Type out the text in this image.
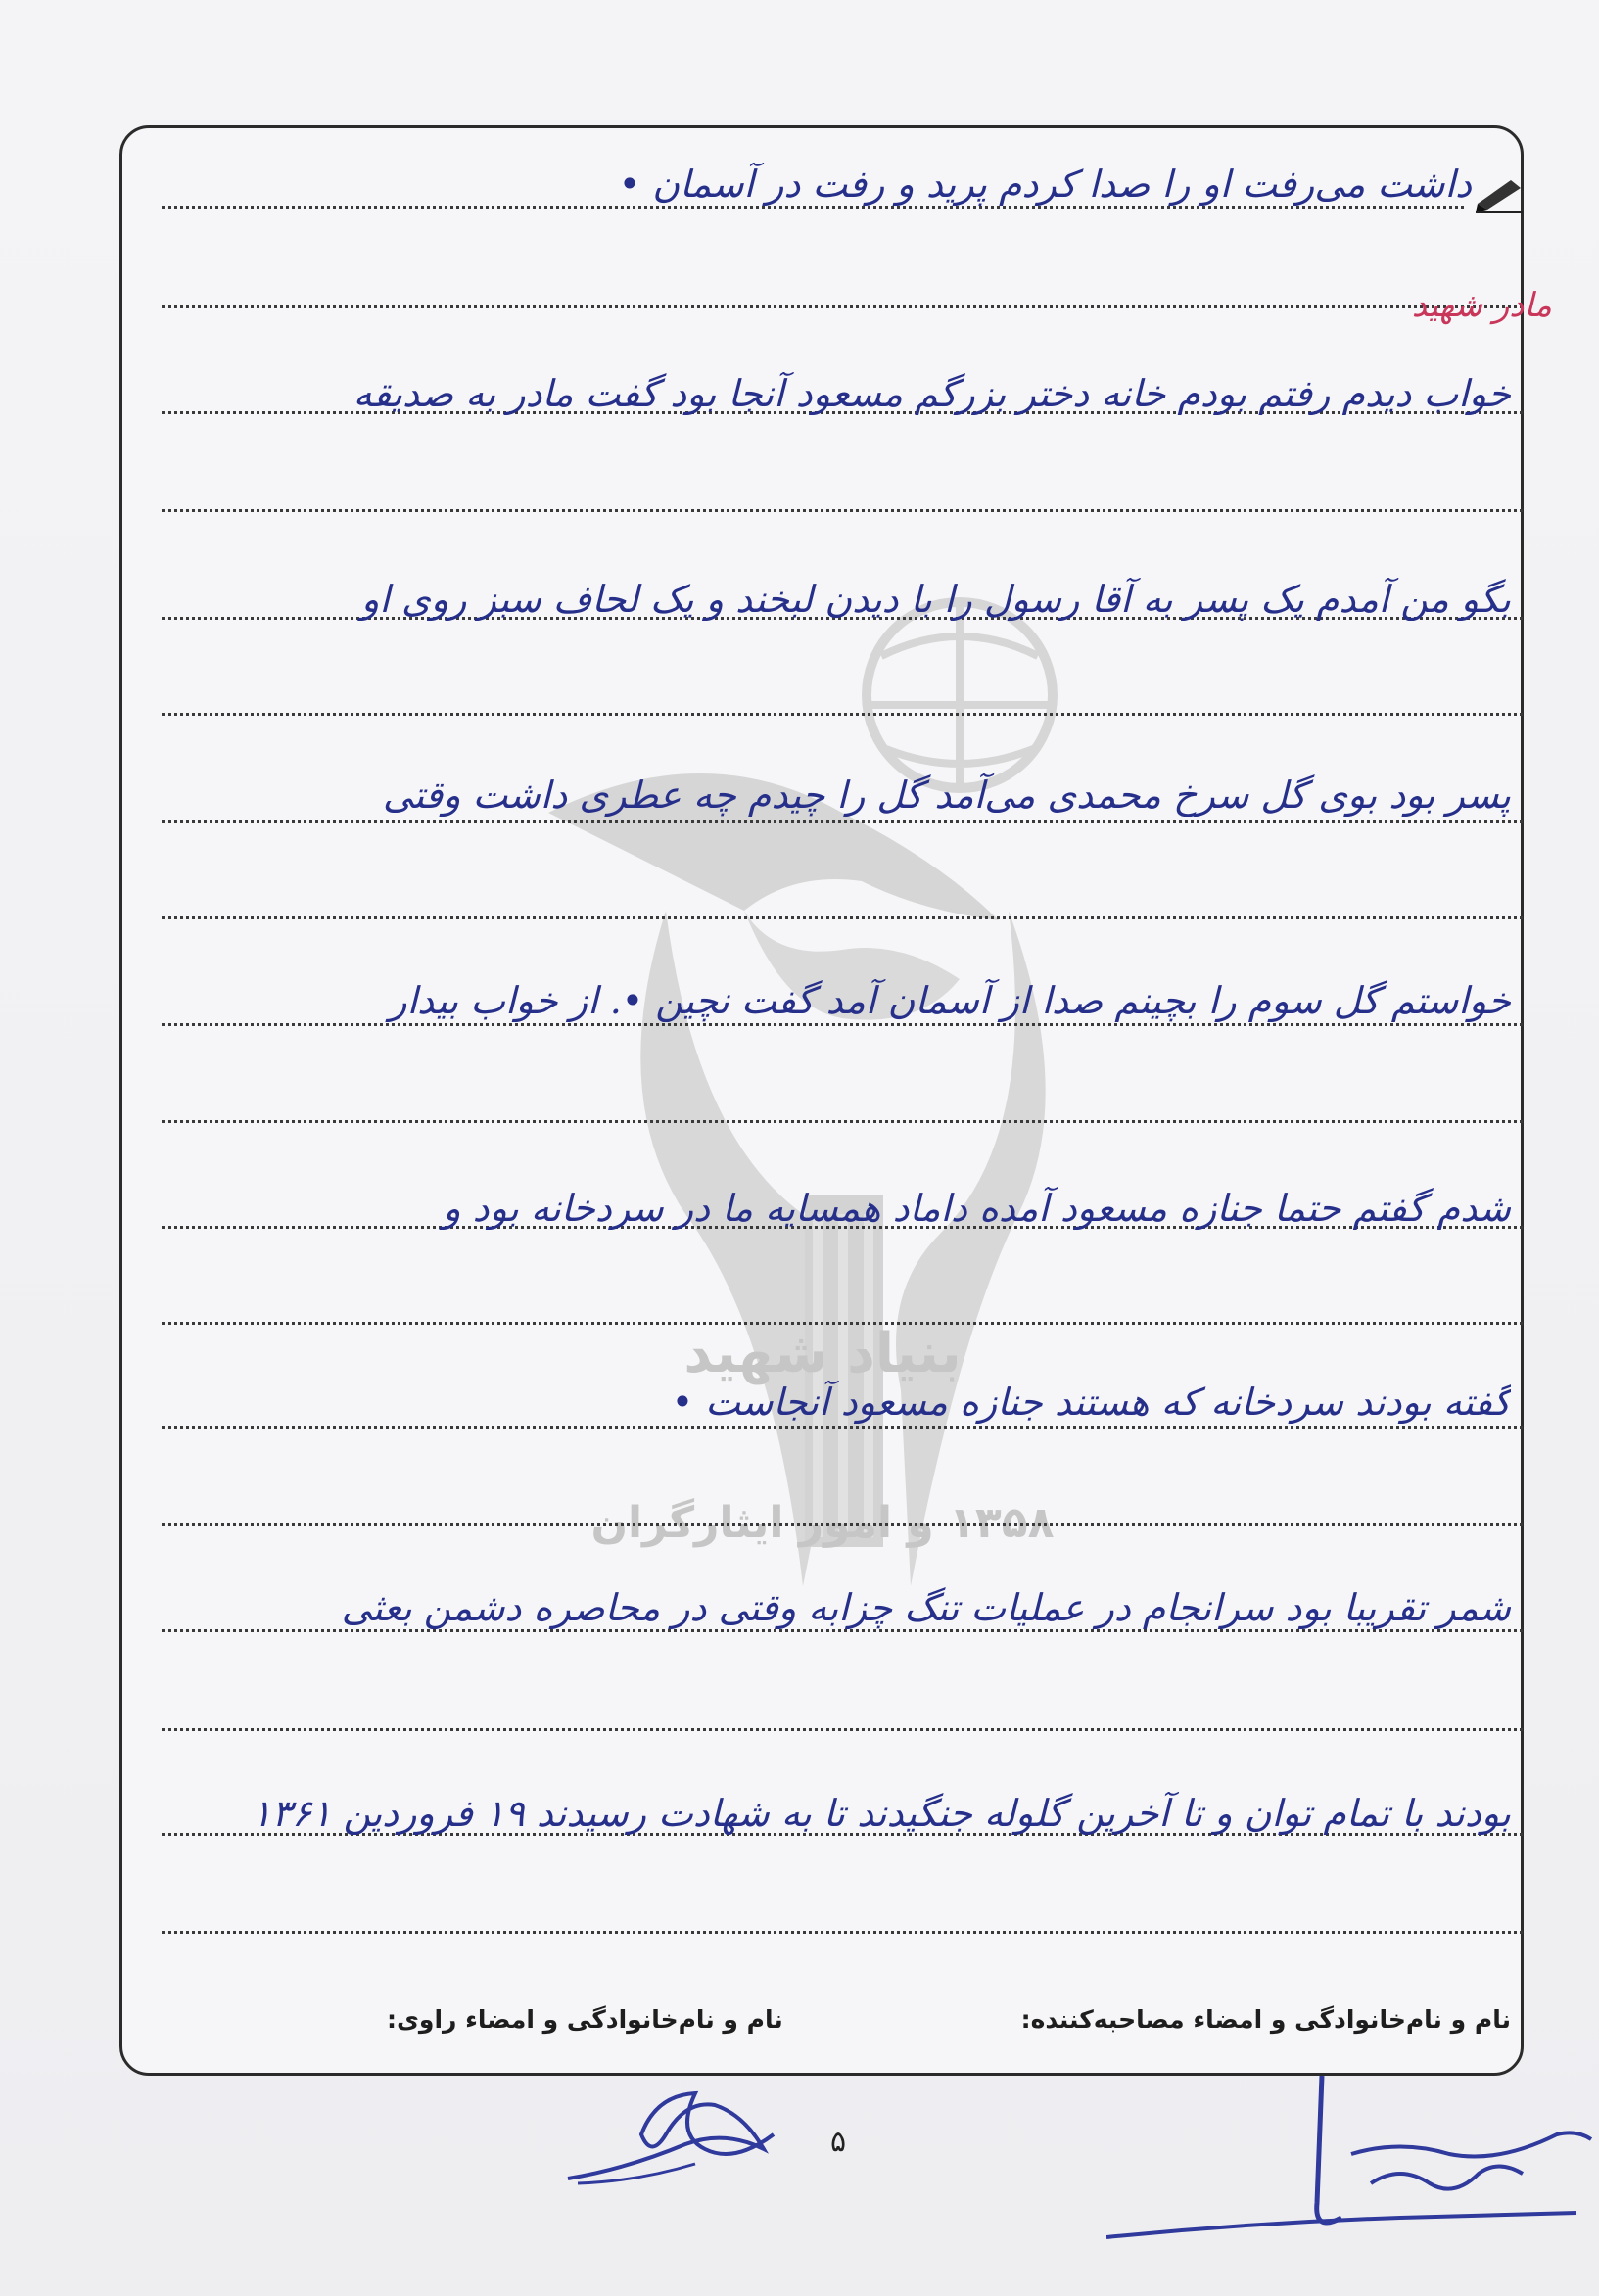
بنیاد شهید
۱۳۵۸ و امور ایثارگران
داشت می‌رفت او را صدا کردم پرید و رفت در آسمان •
مادر شهید
خواب دیدم رفتم بودم خانه دختر بزرگم مسعود آنجا بود گفت مادر به صدیقه
بگو من آمدم یک پسر به آقا رسول را با دیدن لبخند و یک لحاف سبز روی او
پسر بود بوی گل سرخ محمدی می‌آمد گل را چیدم چه عطری داشت وقتی
خواستم گل سوم را بچینم صدا از آسمان آمد گفت نچین •. از خواب بیدار
شدم گفتم حتما جنازه مسعود آمده داماد همسایه ما در سردخانه بود و
گفته بودند سردخانه که هستند جنازه مسعود آنجاست •
شمر تقریبا بود سرانجام در عملیات تنگ چزابه وقتی در محاصره دشمن بعثی
بودند با تمام توان و تا آخرین گلوله جنگیدند تا به شهادت رسیدند ۱۹ فروردین ۱۳۶۱
نام و نام‌خانوادگی و امضاء مصاحبه‌کننده:
نام و نام‌خانوادگی و امضاء راوی:
۵
